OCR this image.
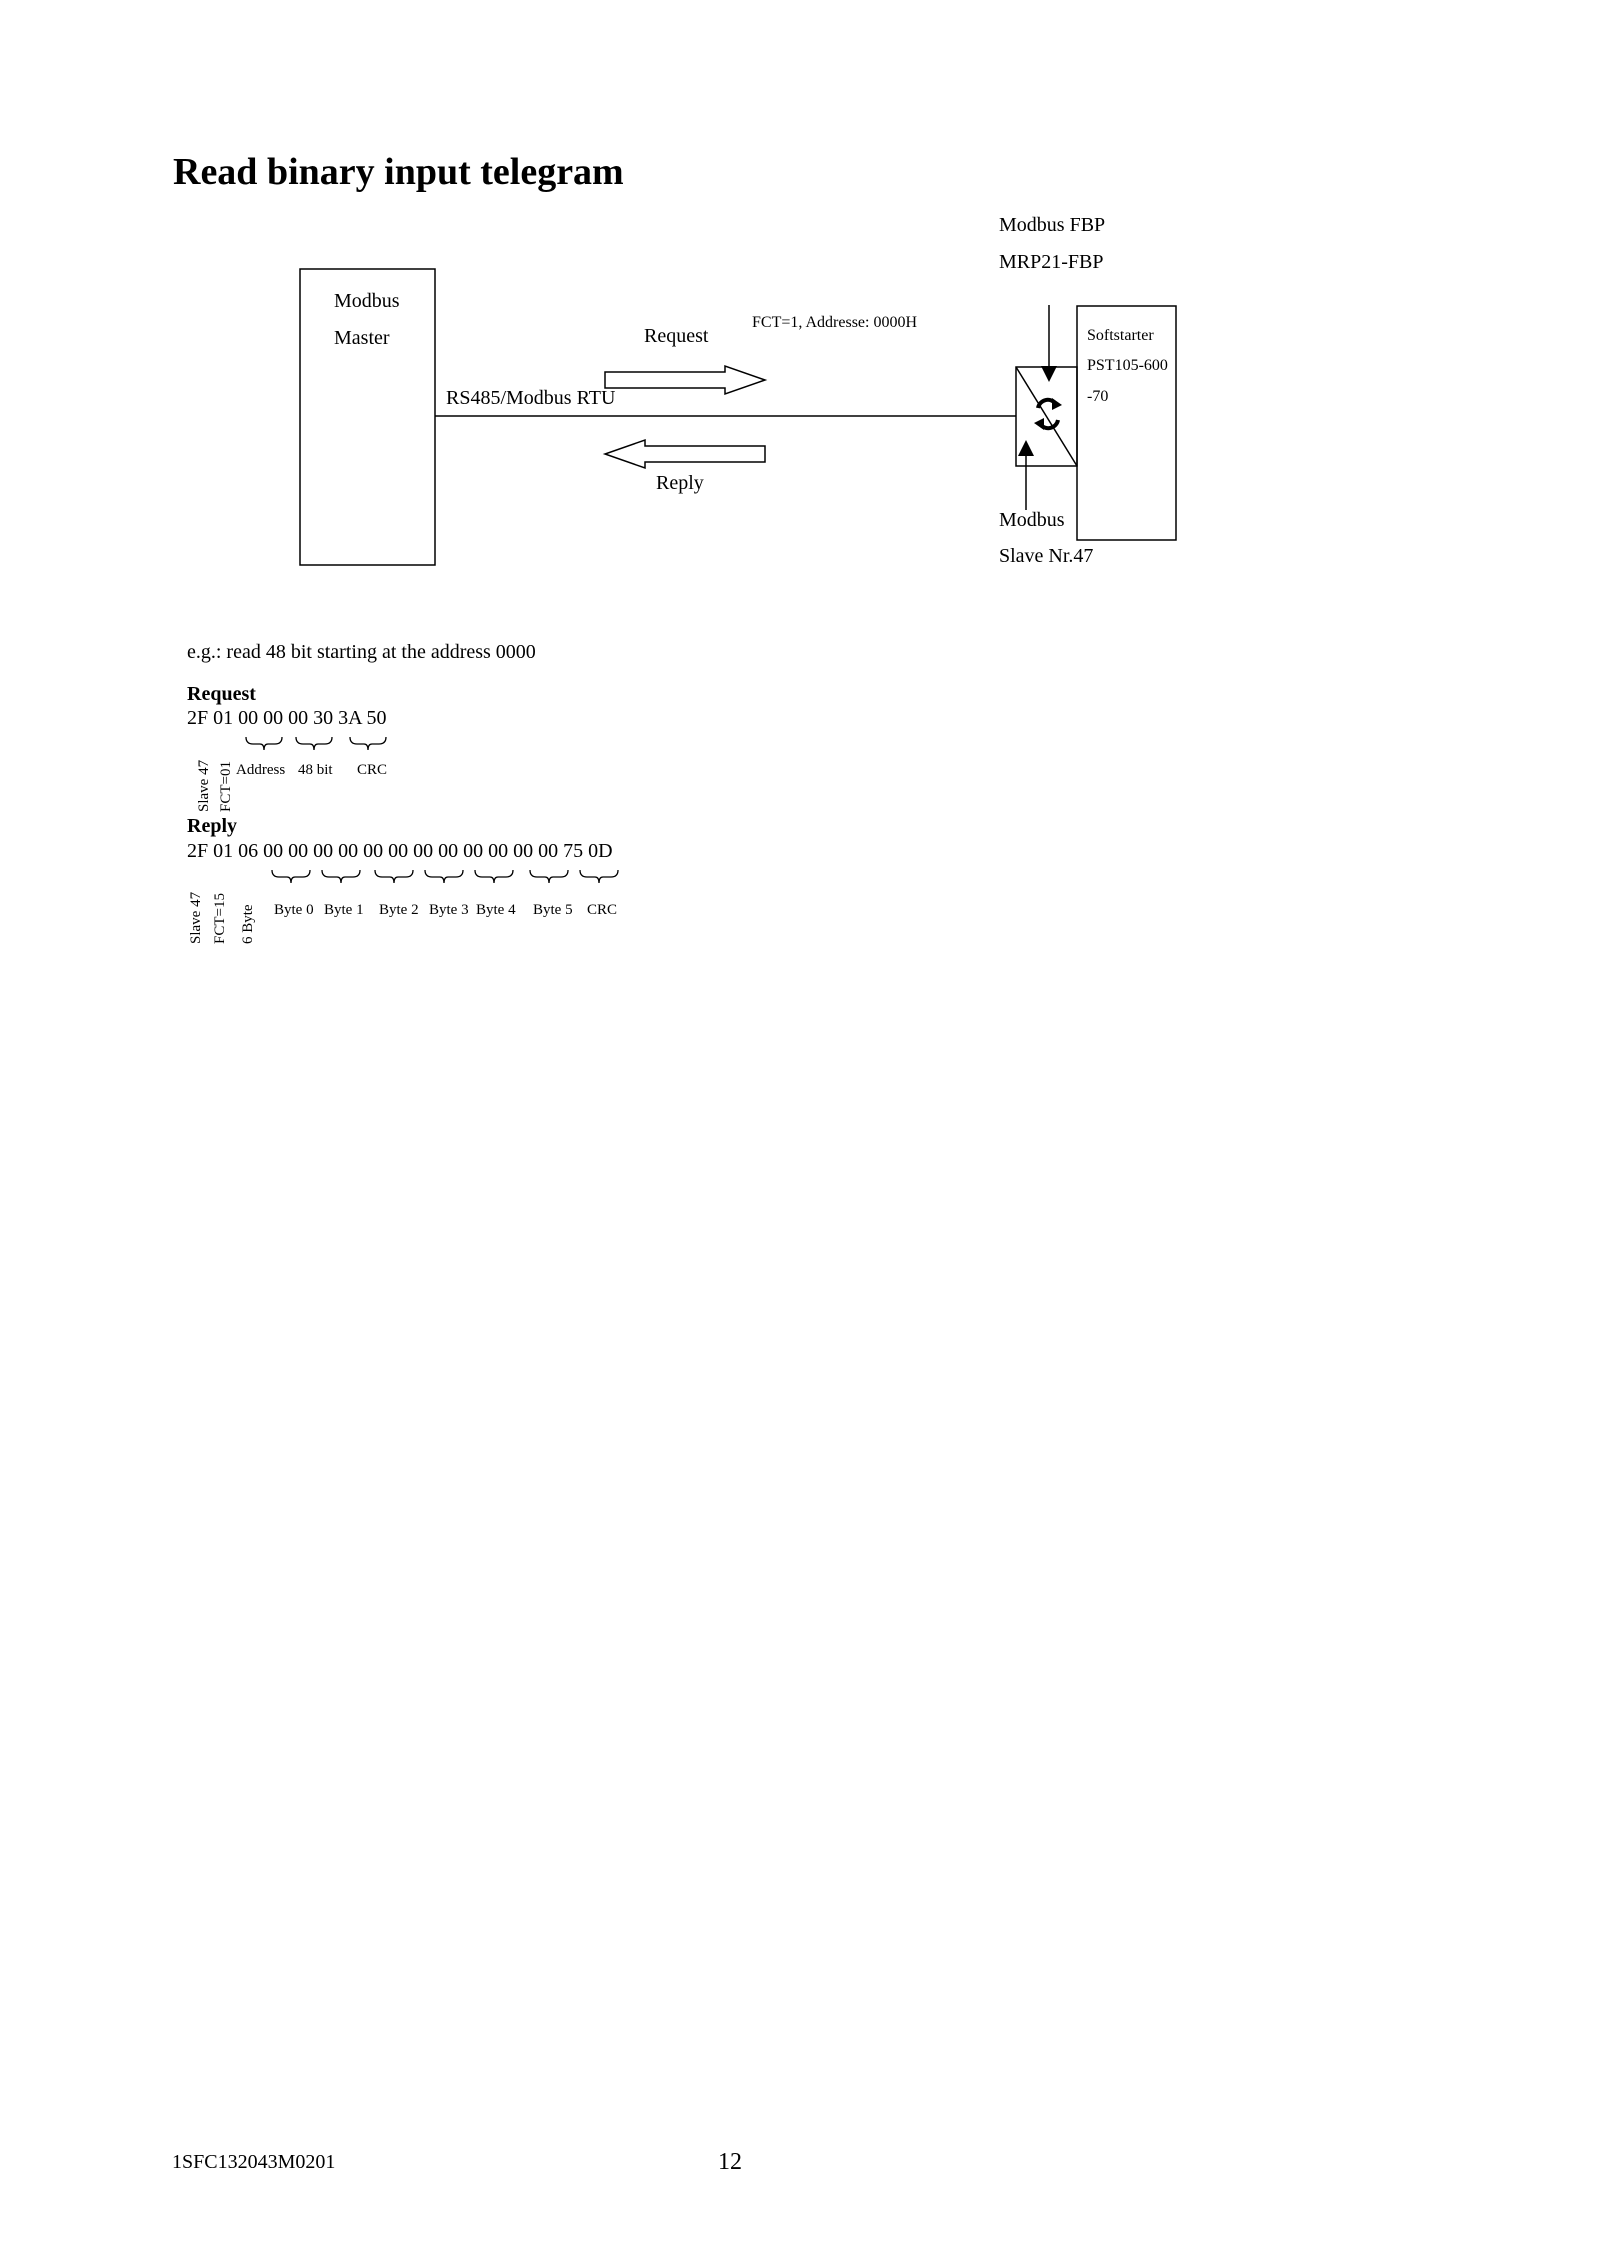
Read binary input telegram
Modbus
Master
RS485/Modbus RTU
Request
FCT=1, Addresse: 0000H
Reply
Modbus FBP
MRP21-FBP
Softstarter
PST105-600
-70
Modbus
Slave Nr.47
e.g.: read 48 bit starting at the address 0000
Request
2F 01 00 00 00 30 3A 50
Address 48 bit CRC
Slave 47 FCT=01
Reply
2F 01 06 00 00 00 00 00 00 00 00 00 00 00 00 75 0D
Byte 0 Byte 1 Byte 2 Byte 3 Byte 4 Byte 5 CRC
Slave 47 FCT=15 6 Byte
1SFC132043M0201	12
